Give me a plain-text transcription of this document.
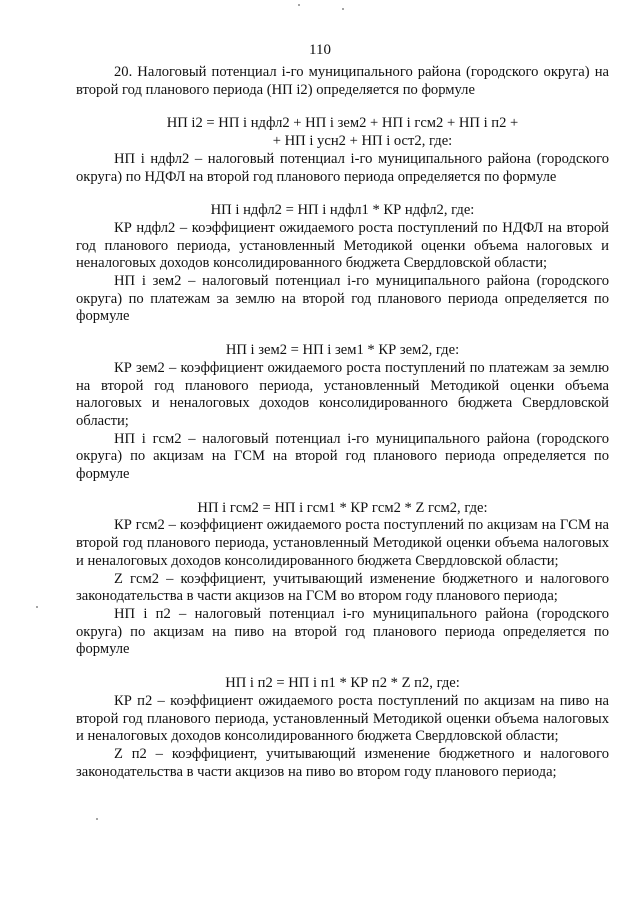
110

20. Налоговый потенциал i-го муниципального района (городского округа) на второй год планового периода (НП i2) определяется по формуле

НП i2 = НП i ндфл2 + НП i зем2 + НП i гсм2 + НП i п2 +

+ НП i усн2 + НП i ост2, где:

НП i ндфл2 – налоговый потенциал i-го муниципального района (городского округа) по НДФЛ на второй год планового периода определяется по формуле

НП i ндфл2 = НП i ндфл1 * КР ндфл2, где:

КР ндфл2 – коэффициент ожидаемого роста поступлений по НДФЛ на второй год планового периода, установленный Методикой оценки объема налоговых и неналоговых доходов консолидированного бюджета Свердловской области;

НП i зем2 – налоговый потенциал i-го муниципального района (городского округа) по платежам за землю на второй год планового периода определяется по формуле

НП i зем2 = НП i зем1 * КР зем2, где:

КР зем2 – коэффициент ожидаемого роста поступлений по платежам за землю на второй год планового периода, установленный Методикой оценки объема налоговых и неналоговых доходов консолидированного бюджета Свердловской области;

НП i гсм2 – налоговый потенциал i-го муниципального района (городского округа) по акцизам на ГСМ на второй год планового периода определяется по формуле

НП i гсм2 = НП i гсм1 * КР гсм2 * Z гсм2, где:

КР гсм2 – коэффициент ожидаемого роста поступлений по акцизам на ГСМ на второй год планового периода, установленный Методикой оценки объема налоговых и неналоговых доходов консолидированного бюджета Свердловской области;

Z гсм2 – коэффициент, учитывающий изменение бюджетного и налогового законодательства в части акцизов на ГСМ во втором году планового периода;

НП i п2 – налоговый потенциал i-го муниципального района (городского округа) по акцизам на пиво на второй год планового периода определяется по формуле

НП i п2 = НП i п1 * КР п2 * Z п2, где:

КР п2 – коэффициент ожидаемого роста поступлений по акцизам на пиво на второй год планового периода, установленный Методикой оценки объема налоговых и неналоговых доходов консолидированного бюджета Свердловской области;

Z п2 – коэффициент, учитывающий изменение бюджетного и налогового законодательства в части акцизов на пиво во втором году планового периода;
